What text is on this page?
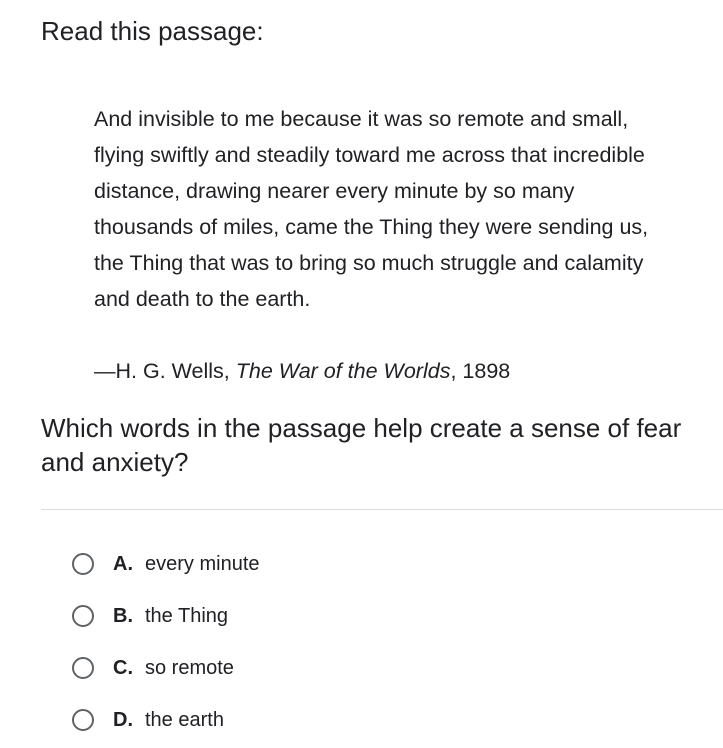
Read this passage:
And invisible to me because it was so remote and small,
flying swiftly and steadily toward me across that incredible
distance, drawing nearer every minute by so many
thousands of miles, came the Thing they were sending us,
the Thing that was to bring so much struggle and calamity
and death to the earth.
—H. G. Wells, The War of the Worlds, 1898
Which words in the passage help create a sense of fear and anxiety?
A. every minute
B. the Thing
C. so remote
D. the earth
